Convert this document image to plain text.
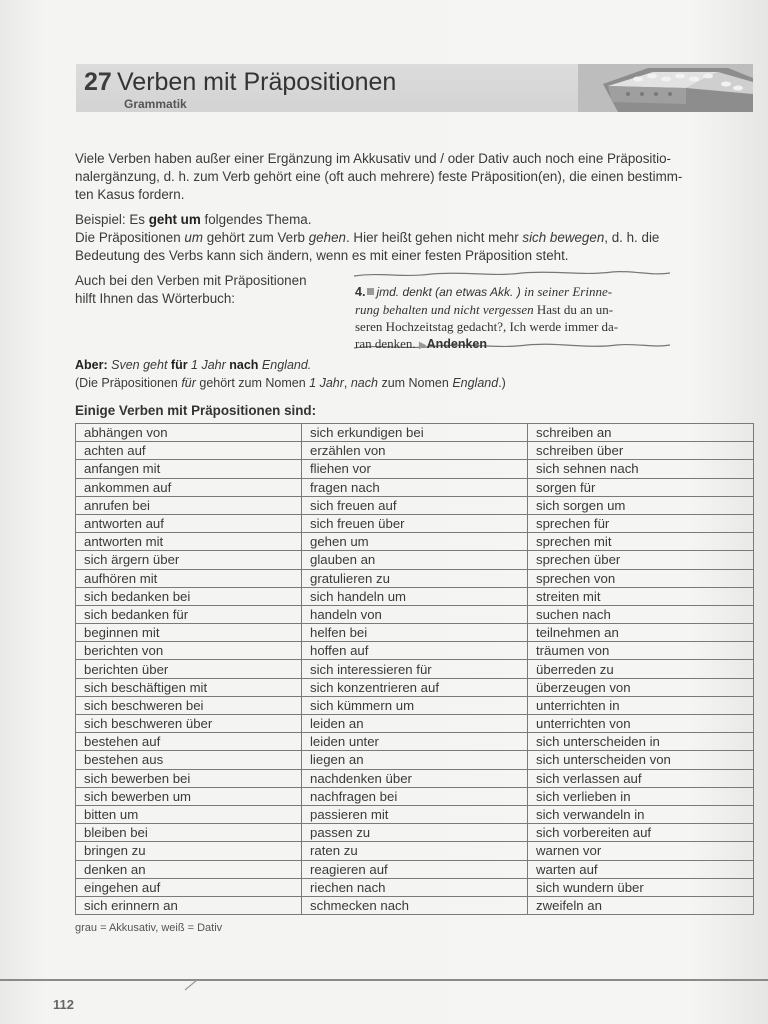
27 Verben mit Präpositionen
Grammatik
Viele Verben haben außer einer Ergänzung im Akkusativ und / oder Dativ auch noch eine Präpositio-
nalergänzung, d. h. zum Verb gehört eine (oft auch mehrere) feste Präposition(en), die einen bestimm-
ten Kasus fordern.
Beispiel: Es geht um folgendes Thema.
Die Präpositionen um gehört zum Verb gehen. Hier heißt gehen nicht mehr sich bewegen, d. h. die
Bedeutung des Verbs kann sich ändern, wenn es mit einer festen Präposition steht.
Auch bei den Verben mit Präpositionen
hilft Ihnen das Wörterbuch:	4. jmd. denkt (an etwas Akk. ) in seiner Erinne-
rung behalten und nicht vergessen Hast du an un-
seren Hochzeitstag gedacht?, Ich werde immer da-
ran denken. ▶Andenken
Aber: Sven geht für 1 Jahr nach England.
(Die Präpositionen für gehört zum Nomen 1 Jahr, nach zum Nomen England.)
Einige Verben mit Präpositionen sind:
abhängen von	sich erkundigen bei	schreiben an
achten auf	erzählen von	schreiben über
anfangen mit	fliehen vor	sich sehnen nach
ankommen auf	fragen nach	sorgen für
anrufen bei	sich freuen auf	sich sorgen um
antworten auf	sich freuen über	sprechen für
antworten mit	gehen um	sprechen mit
sich ärgern über	glauben an	sprechen über
aufhören mit	gratulieren zu	sprechen von
sich bedanken bei	sich handeln um	streiten mit
sich bedanken für	handeln von	suchen nach
beginnen mit	helfen bei	teilnehmen an
berichten von	hoffen auf	träumen von
berichten über	sich interessieren für	überreden zu
sich beschäftigen mit	sich konzentrieren auf	überzeugen von
sich beschweren bei	sich kümmern um	unterrichten in
sich beschweren über	leiden an	unterrichten von
bestehen auf	leiden unter	sich unterscheiden in
bestehen aus	liegen an	sich unterscheiden von
sich bewerben bei	nachdenken über	sich verlassen auf
sich bewerben um	nachfragen bei	sich verlieben in
bitten um	passieren mit	sich verwandeln in
bleiben bei	passen zu	sich vorbereiten auf
bringen zu	raten zu	warnen vor
denken an	reagieren auf	warten auf
eingehen auf	riechen nach	sich wundern über
sich erinnern an	schmecken nach	zweifeln an
grau = Akkusativ, weiß = Dativ
112
